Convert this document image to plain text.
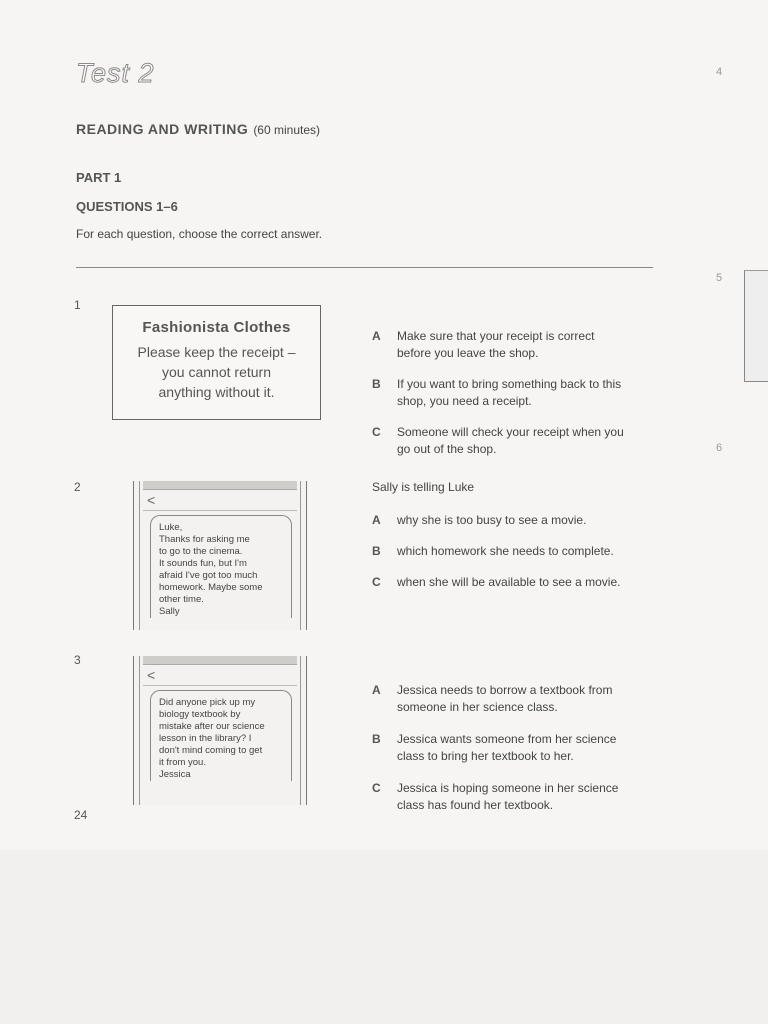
Test 2
READING AND WRITING (60 minutes)
PART 1
QUESTIONS 1–6
For each question, choose the correct answer.
4
5
6
1
Fashionista Clothes
Please keep the receipt –
you cannot return
anything without it.
A	Make sure that your receipt is correct
before you leave the shop.
B	If you want to bring something back to this
shop, you need a receipt.
C	Someone will check your receipt when you
go out of the shop.
2
<
Luke,
Thanks for asking me
to go to the cinema.
It sounds fun, but I'm
afraid I've got too much
homework. Maybe some
other time.
Sally
Sally is telling Luke
A	why she is too busy to see a movie.
B	which homework she needs to complete.
C	when she will be available to see a movie.
3
<
Did anyone pick up my
biology textbook by
mistake after our science
lesson in the library? I
don't mind coming to get
it from you.
Jessica
A	Jessica needs to borrow a textbook from
someone in her science class.
B	Jessica wants someone from her science
class to bring her textbook to her.
C	Jessica is hoping someone in her science
class has found her textbook.
24
